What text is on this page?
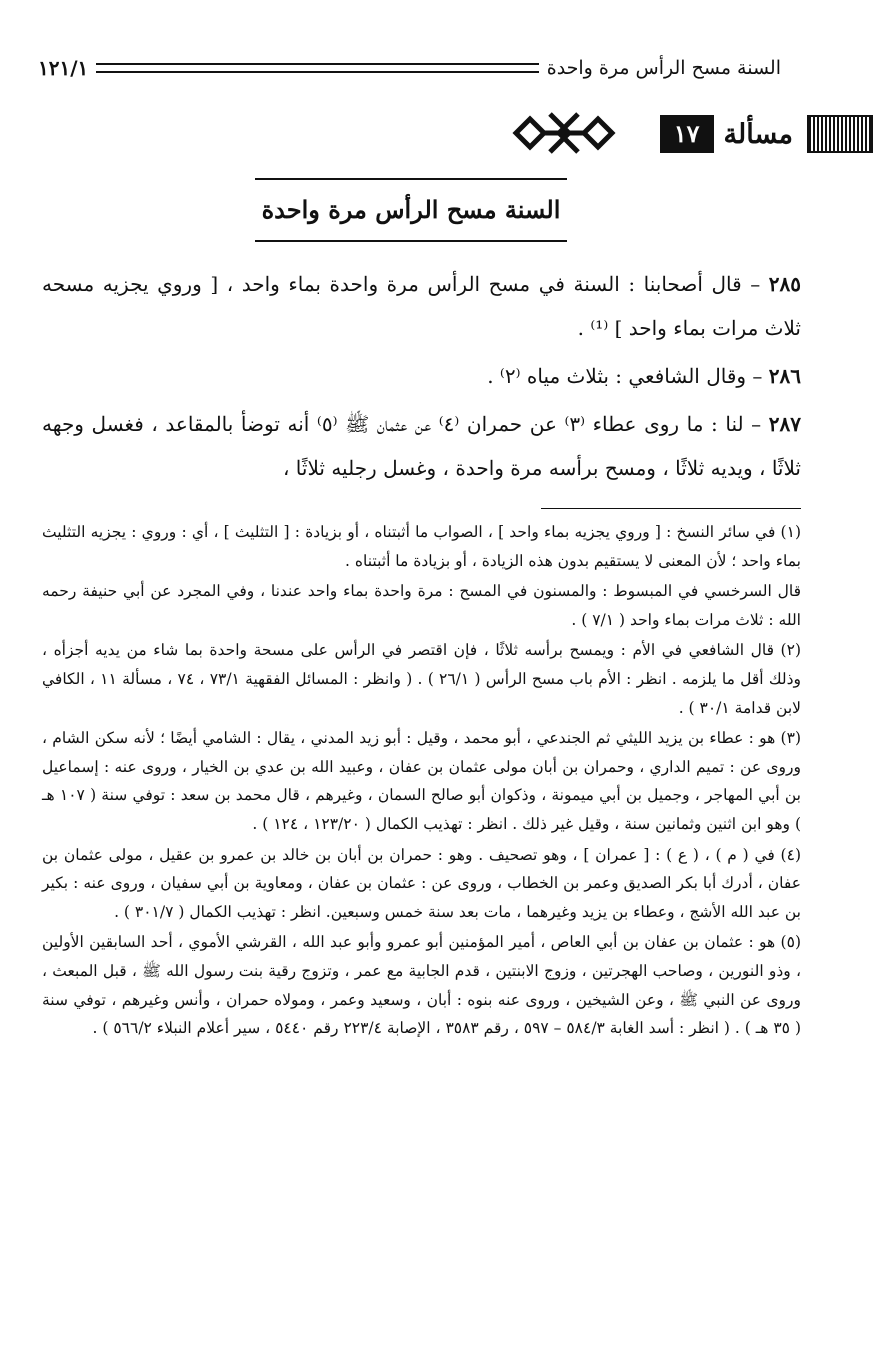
السنة مسح الرأس مرة واحدة
١٢١/١
مسألة
١٧
السنة مسح الرأس مرة واحدة

٢٨٥ – قال أصحابنا : السنة في مسح الرأس مرة واحدة بماء واحد ، [ وروي يجزيه مسحه ثلاث مرات بماء واحد ] ⁽¹⁾ .

٢٨٦ – وقال الشافعي : بثلاث مياه ⁽٢⁾ .

٢٨٧ – لنا : ما روى عطاء ⁽٣⁾ عن حمران ⁽٤⁾ عن عثمان ﷺ ⁽٥⁾ أنه توضأ بالمقاعد ، فغسل وجهه ثلاثًا ، ويديه ثلاثًا ، ومسح برأسه مرة واحدة ، وغسل رجليه ثلاثًا ،

(١) في سائر النسخ : [ وروي يجزيه بماء واحد ] ، الصواب ما أثبتناه ، أو بزيادة : [ التثليث ] ، أي : وروي : يجزيه التثليث بماء واحد ؛ لأن المعنى لا يستقيم بدون هذه الزيادة ، أو بزيادة ما أثبتناه .

قال السرخسي في المبسوط : والمسنون في المسح : مرة واحدة بماء واحد عندنا ، وفي المجرد عن أبي حنيفة رحمه الله : ثلاث مرات بماء واحد ( ٧/١ ) .

(٢) قال الشافعي في الأم : ويمسح برأسه ثلاثًا ، فإن اقتصر في الرأس على مسحة واحدة بما شاء من يديه أجزأه ، وذلك أقل ما يلزمه . انظر : الأم باب مسح الرأس ( ٢٦/١ ) . ( وانظر : المسائل الفقهية ٧٣/١ ، ٧٤ ، مسألة ١١ ، الكافي لابن قدامة ٣٠/١ ) .

(٣) هو : عطاء بن يزيد الليثي ثم الجندعي ، أبو محمد ، وقيل : أبو زيد المدني ، يقال : الشامي أيضًا ؛ لأنه سكن الشام ، وروى عن : تميم الداري ، وحمران بن أبان مولى عثمان بن عفان ، وعبيد الله بن عدي بن الخيار ، وروى عنه : إسماعيل بن أبي المهاجر ، وجميل بن أبي ميمونة ، وذكوان أبو صالح السمان ، وغيرهم ، قال محمد بن سعد : توفي سنة ( ١٠٧ هـ ) وهو ابن اثنين وثمانين سنة ، وقيل غير ذلك . انظر : تهذيب الكمال ( ١٢٣/٢٠ ، ١٢٤ ) .

(٤) في ( م ) ، ( ع ) : [ عمران ] ، وهو تصحيف . وهو : حمران بن أبان بن خالد بن عمرو بن عقيل ، مولى عثمان بن عفان ، أدرك أبا بكر الصديق وعمر بن الخطاب ، وروى عن : عثمان بن عفان ، ومعاوية بن أبي سفيان ، وروى عنه : بكير بن عبد الله الأشج ، وعطاء بن يزيد وغيرهما ، مات بعد سنة خمس وسبعين. انظر : تهذيب الكمال ( ٣٠١/٧ ) .

(٥) هو : عثمان بن عفان بن أبي العاص ، أمير المؤمنين أبو عمرو وأبو عبد الله ، القرشي الأموي ، أحد السابقين الأولين ، وذو النورين ، وصاحب الهجرتين ، وزوج الابنتين ، قدم الجابية مع عمر ، وتزوج رقية بنت رسول الله ﷺ ، قبل المبعث ، وروى عن النبي ﷺ ، وعن الشيخين ، وروى عنه بنوه : أبان ، وسعيد وعمر ، ومولاه حمران ، وأنس وغيرهم ، توفي سنة ( ٣٥ هـ ) . ( انظر : أسد الغابة ٥٨٤/٣ – ٥٩٧ ، رقم ٣٥٨٣ ، الإصابة ٢٢٣/٤ رقم ٥٤٤٠ ، سير أعلام النبلاء ٥٦٦/٢ ) .
